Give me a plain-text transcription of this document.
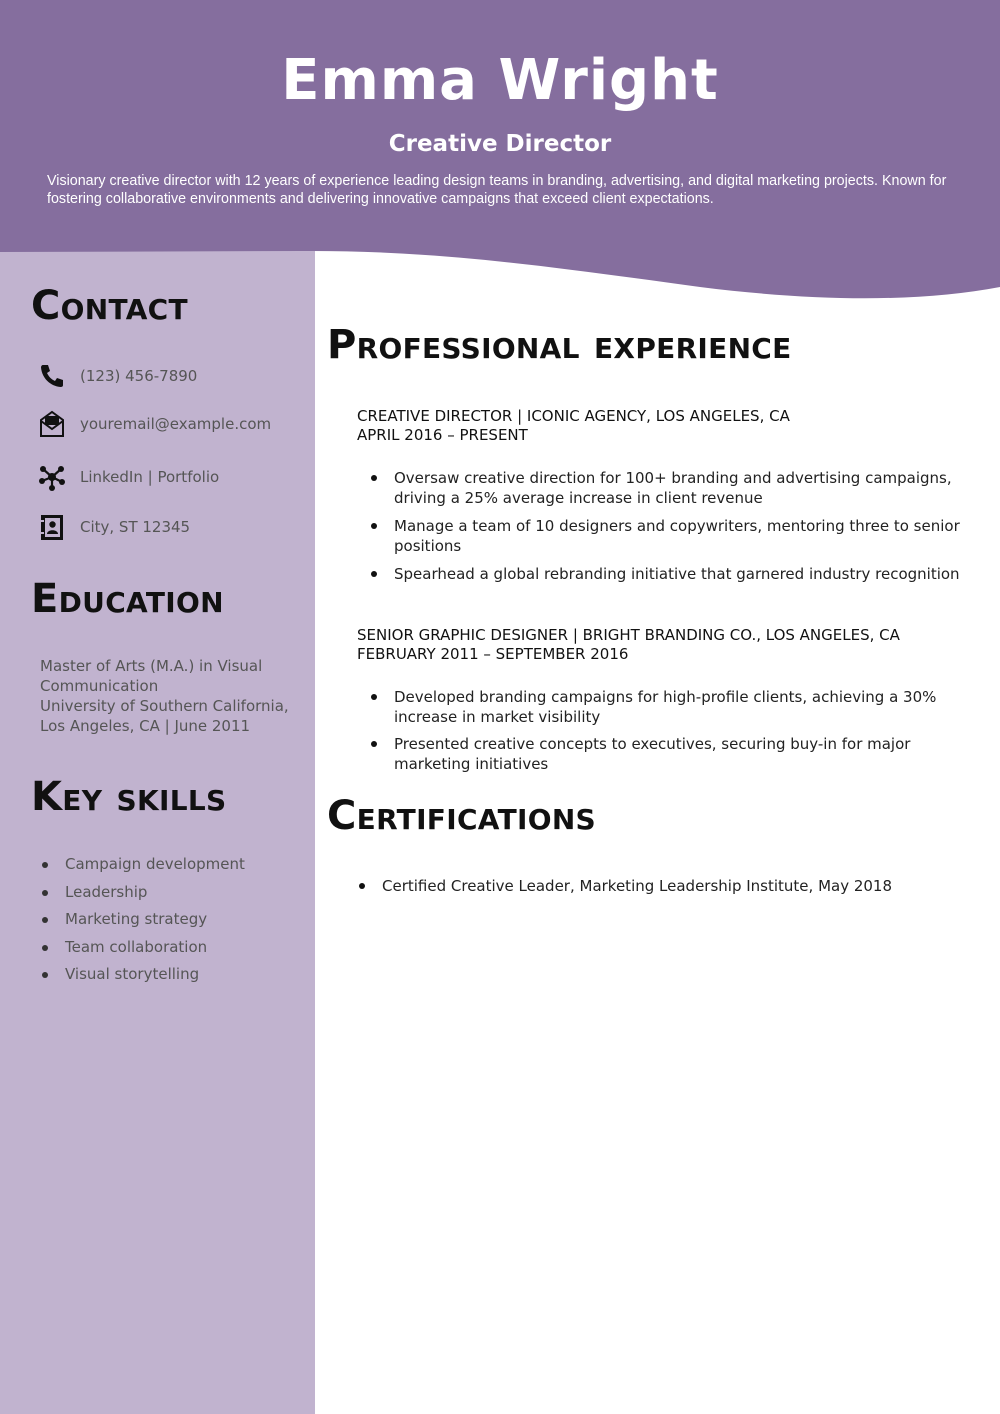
Emma Wright
Creative Director

Visionary creative director with 12 years of experience leading design teams in branding, advertising, and digital marketing projects. Known for fostering collaborative environments and delivering innovative campaigns that exceed client expectations.

Contact
(123) 456-7890
youremail@example.com
LinkedIn | Portfolio
City, ST 12345
Education
Master of Arts (M.A.) in Visual Communication
University of Southern California, Los Angeles, CA | June 2011
Key skills
Campaign development
Leadership
Marketing strategy
Team collaboration
Visual storytelling
Professional experience

CREATIVE DIRECTOR | ICONIC AGENCY, LOS ANGELES, CA

APRIL 2016 – PRESENT

Oversaw creative direction for 100+ branding and advertising campaigns, driving a 25% average increase in client revenue
Manage a team of 10 designers and copywriters, mentoring three to senior positions
Spearhead a global rebranding initiative that garnered industry recognition

SENIOR GRAPHIC DESIGNER | BRIGHT BRANDING CO., LOS ANGELES, CA

FEBRUARY 2011 – SEPTEMBER 2016

Developed branding campaigns for high-profile clients, achieving a 30% increase in market visibility
Presented creative concepts to executives, securing buy-in for major marketing initiatives
Certifications
Certified Creative Leader, Marketing Leadership Institute, May 2018
